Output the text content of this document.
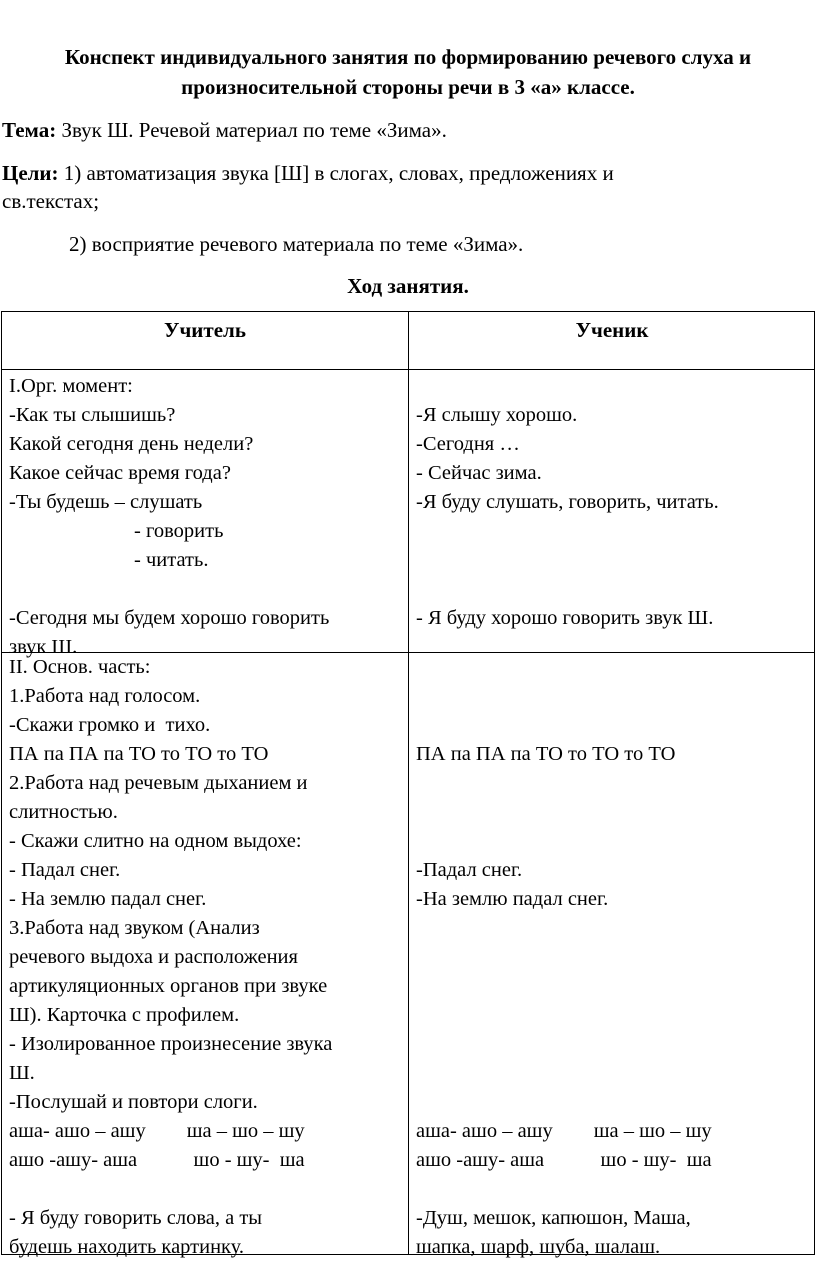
Конспект индивидуального занятия по формированию речевого слуха и
произносительной стороны речи в 3 «а» классе.
Тема: Звук Ш. Речевой материал по теме «Зима».
Цели: 1) автоматизация звука [Ш] в слогах, словах, предложениях и
св.текстах;
2) восприятие речевого материала по теме «Зима».
Ход занятия.
Учитель	Ученик
I.Орг. момент:
-Как ты слышишь?
Какой сегодня день недели?
Какое сейчас время года?
-Ты будешь – слушать
- говорить
- читать.
-Сегодня мы будем хорошо говорить
звук Ш.
-Я слышу хорошо.
-Сегодня …
- Сейчас зима.
-Я буду слушать, говорить, читать.
- Я буду хорошо говорить звук Ш.
II. Основ. часть:
1.Работа над голосом.
-Скажи громко и  тихо.
ПА па ПА па ТО то ТО то ТО
2.Работа над речевым дыханием и
слитностью.
- Скажи слитно на одном выдохе:
- Падал снег.
- На землю падал снег.
3.Работа над звуком (Анализ
речевого выдоха и расположения
артикуляционных органов при звуке
Ш). Карточка с профилем.
- Изолированное произнесение звука
Ш.
-Послушай и повтори слоги.
аша- ашо – ашу        ша – шо – шу
ашо -ашу- аша           шо - шу-  ша
- Я буду говорить слова, а ты
будешь находить картинку.
ПА па ПА па ТО то ТО то ТО
-Падал снег.
-На землю падал снег.
аша- ашо – ашу        ша – шо – шу
ашо -ашу- аша           шо - шу-  ша
-Душ, мешок, капюшон, Маша,
шапка, шарф, шуба, шалаш.
